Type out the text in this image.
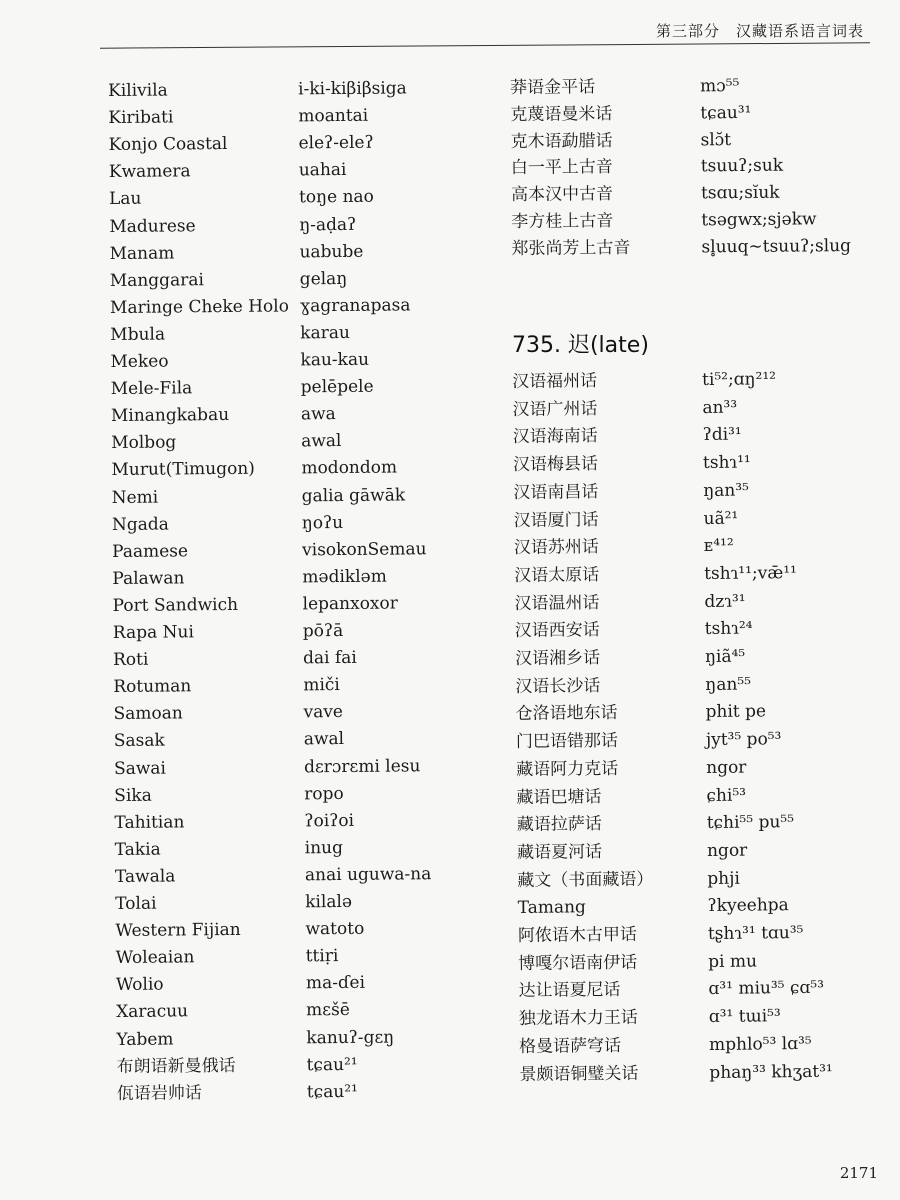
第三部分　汉藏语系语言词表
Kilivila	i-ki-kiβiβsiga
Kiribati	moantai
Konjo Coastal	eleʔ-eleʔ
Kwamera	uahai
Lau	toŋe nao
Madurese	ŋ-aḍaʔ
Manam	uabube
Manggarai	gelaŋ
Maringe Cheke Holo ɣagranapasa
Mbula	karau
Mekeo	kau-kau
Mele-Fila	pelēpele
Minangkabau	awa
Molbog	awal
Murut(Timugon)	modondom
Nemi	galia gāwāk
Ngada	ŋoʔu
Paamese	visokonSemau
Palawan	mədikləm
Port Sandwich	lepanxoxor
Rapa Nui	pōʔā
Roti	dai fai
Rotuman	miči
Samoan	vave
Sasak	awal
Sawai	dɛrɔrɛmi lesu
Sika	ropo
Tahitian	ʔoiʔoi
Takia	inug
Tawala	anai uguwa-na
Tolai	kilalə
Western Fijian	watoto
Woleaian	ttiṛi
Wolio	ma-ɗei
Xaracuu	mɛšē
Yabem	kanuʔ-gɛŋ
布朗语新曼俄话	tɕau²¹
佤语岩帅话	tɕau²¹
莽语金平话	mɔ⁵⁵
克蔑语曼米话	tɕau³¹
克木语勐腊话	slɔ̆t
白一平上古音	tsuuʔ;suk
高本汉中古音	tsɑu;sĭuk
李方桂上古音	tsəgwx;sjəkw
郑张尚芳上古音	sl̥uuq~tsuuʔ;slug
735. 迟(late)
汉语福州话	ti⁵²;ɑŋ²¹²
汉语广州话	an³³
汉语海南话	ʔdi³¹
汉语梅县话	tshɿ¹¹
汉语南昌话	ŋan³⁵
汉语厦门话	uã²¹
汉语苏州话	ᴇ⁴¹²
汉语太原话	tshɿ¹¹;vǣ¹¹
汉语温州话	dzɿ³¹
汉语西安话	tshɿ²⁴
汉语湘乡话	ŋiã⁴⁵
汉语长沙话	ŋan⁵⁵
仓洛语地东话	phit pe
门巴语错那话	jyt³⁵ po⁵³
藏语阿力克话	ngor
藏语巴塘话	ɕhi⁵³
藏语拉萨话	tɕhi⁵⁵ pu⁵⁵
藏语夏河话	ngor
藏文（书面藏语）	phji
Tamang	ʔkyeehpa
阿侬语木古甲话	tʂhɿ³¹ tɑu³⁵
博嘎尔语南伊话	pi mu
达让语夏尼话	ɑ³¹ miu³⁵ ɕɑ⁵³
独龙语木力王话	ɑ³¹ tɯi⁵³
格曼语萨穹话	mphlo⁵³ lɑ³⁵
景颇语铜璧关话	phaŋ³³ khʒat³¹
2171
